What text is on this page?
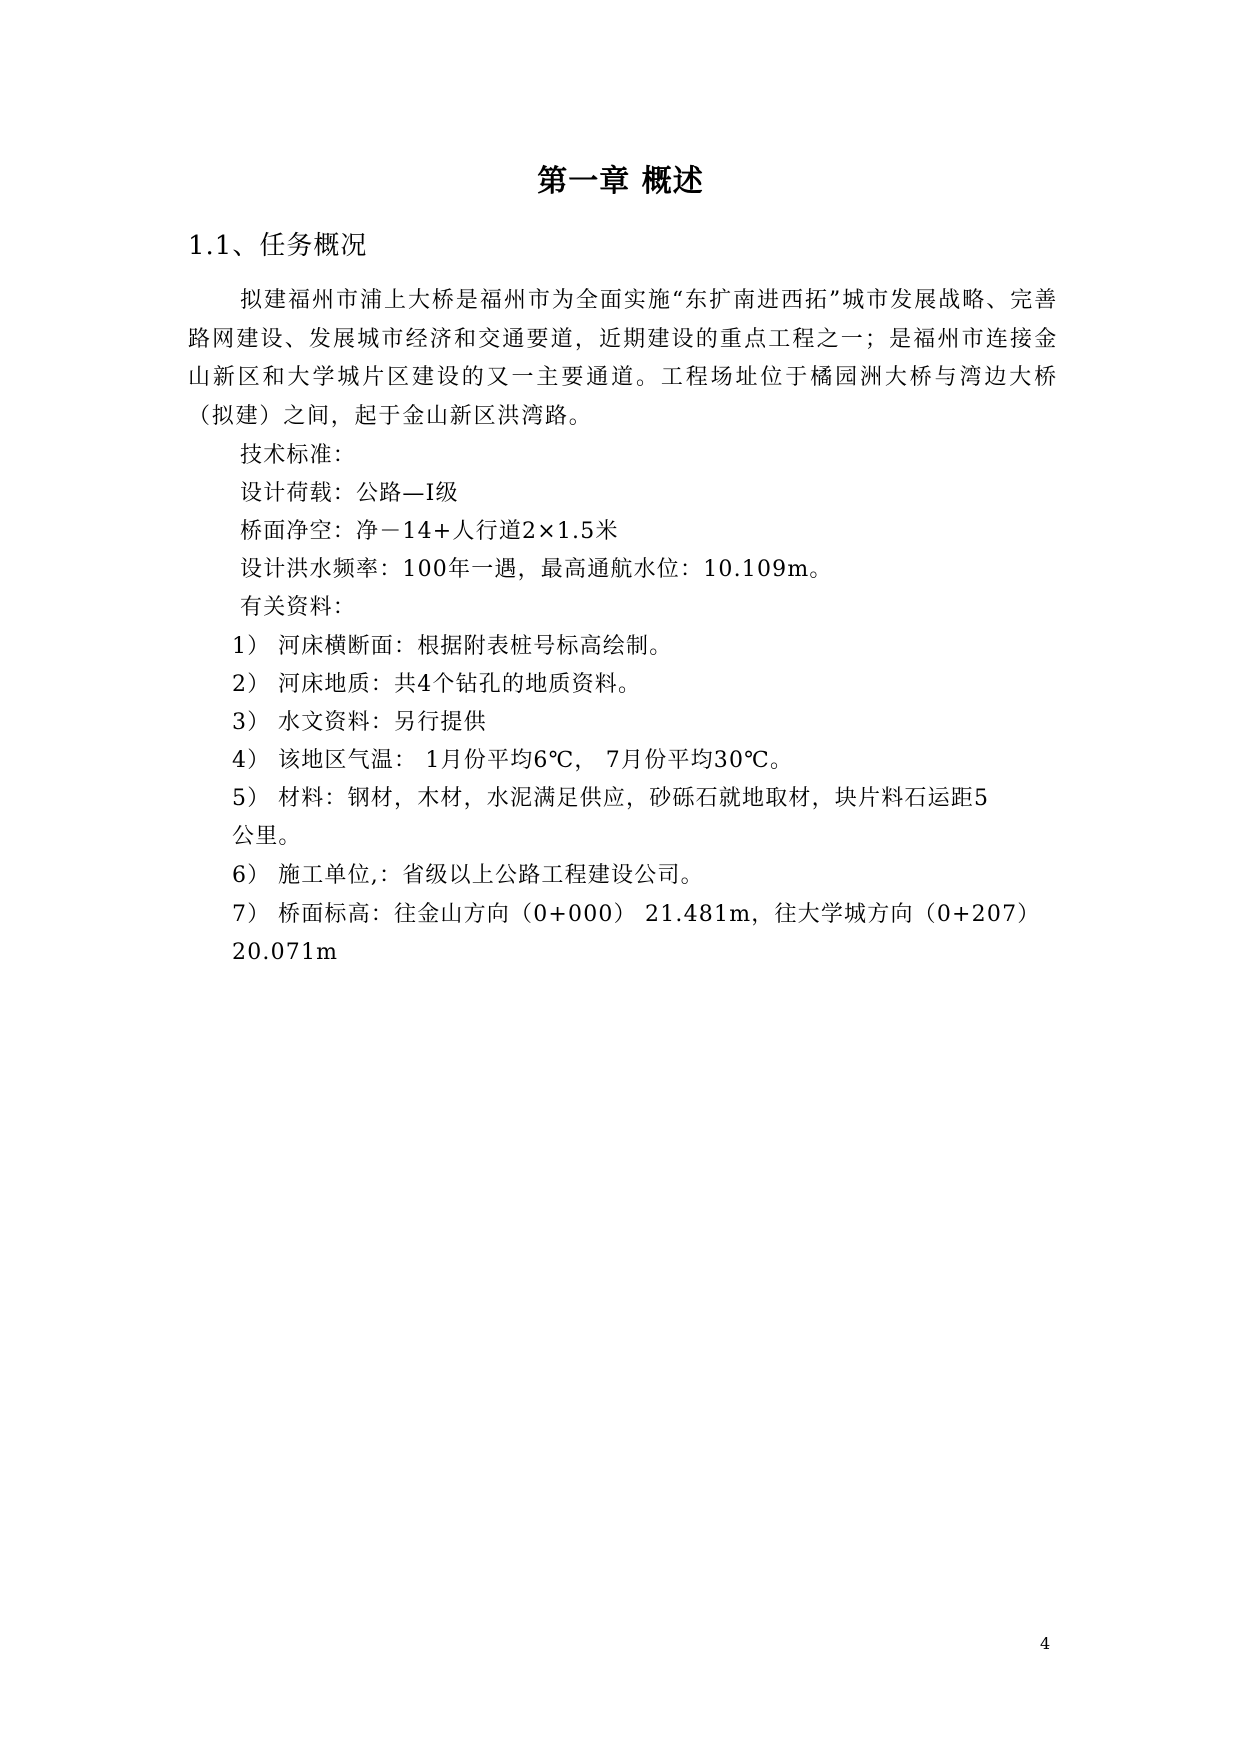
第一章 概述
1.1、任务概况
拟建福州市浦上大桥是福州市为全面实施“东扩南进西拓”城市发展战略、完善路网建设、发展城市经济和交通要道，近期建设的重点工程之一；是福州市连接金山新区和大学城片区建设的又一主要通道。工程场址位于橘园洲大桥与湾边大桥（拟建）之间，起于金山新区洪湾路。
技术标准：
设计荷载：公路—I级
桥面净空：净－14+人行道2×1.5米
设计洪水频率：100年一遇，最高通航水位：10.109m。
有关资料：
1） 河床横断面：根据附表桩号标高绘制。
2） 河床地质：共4个钻孔的地质资料。
3） 水文资料：另行提供
4） 该地区气温： 1月份平均6℃， 7月份平均30℃。
5） 材料：钢材，木材，水泥满足供应，砂砾石就地取材，块片料石运距5
公里。
6） 施工单位,：省级以上公路工程建设公司。
7） 桥面标高：往金山方向（0+000） 21.481m，往大学城方向（0+207）
20.071m
4
